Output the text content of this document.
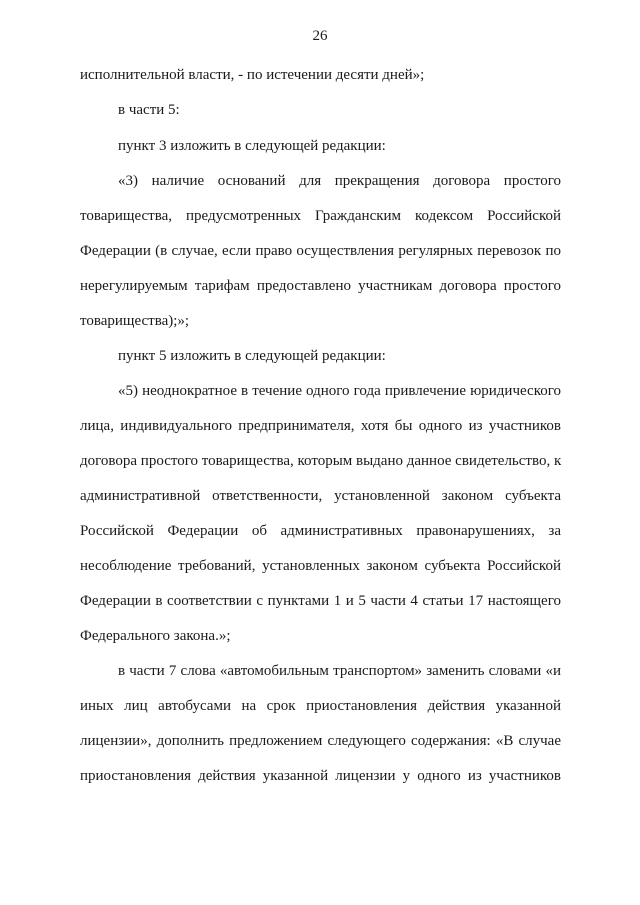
26
исполнительной власти, - по истечении десяти дней»;
в части 5:
пункт 3 изложить в следующей редакции:
«3) наличие оснований для прекращения договора простого
товарищества, предусмотренных Гражданским кодексом Российской
Федерации (в случае, если право осуществления регулярных перевозок по
нерегулируемым тарифам предоставлено участникам договора простого
товарищества);»;
пункт 5 изложить в следующей редакции:
«5) неоднократное в течение одного года привлечение юридического
лица, индивидуального предпринимателя, хотя бы одного из участников
договора простого товарищества, которым выдано данное свидетельство, к
административной ответственности, установленной законом субъекта
Российской Федерации об административных правонарушениях, за
несоблюдение требований, установленных законом субъекта Российской
Федерации в соответствии с пунктами 1 и 5 части 4 статьи 17 настоящего
Федерального закона.»;
в части 7 слова «автомобильным транспортом» заменить словами «и
иных лиц автобусами на срок приостановления действия указанной
лицензии», дополнить предложением следующего содержания: «В случае
приостановления действия указанной лицензии у одного из участников
